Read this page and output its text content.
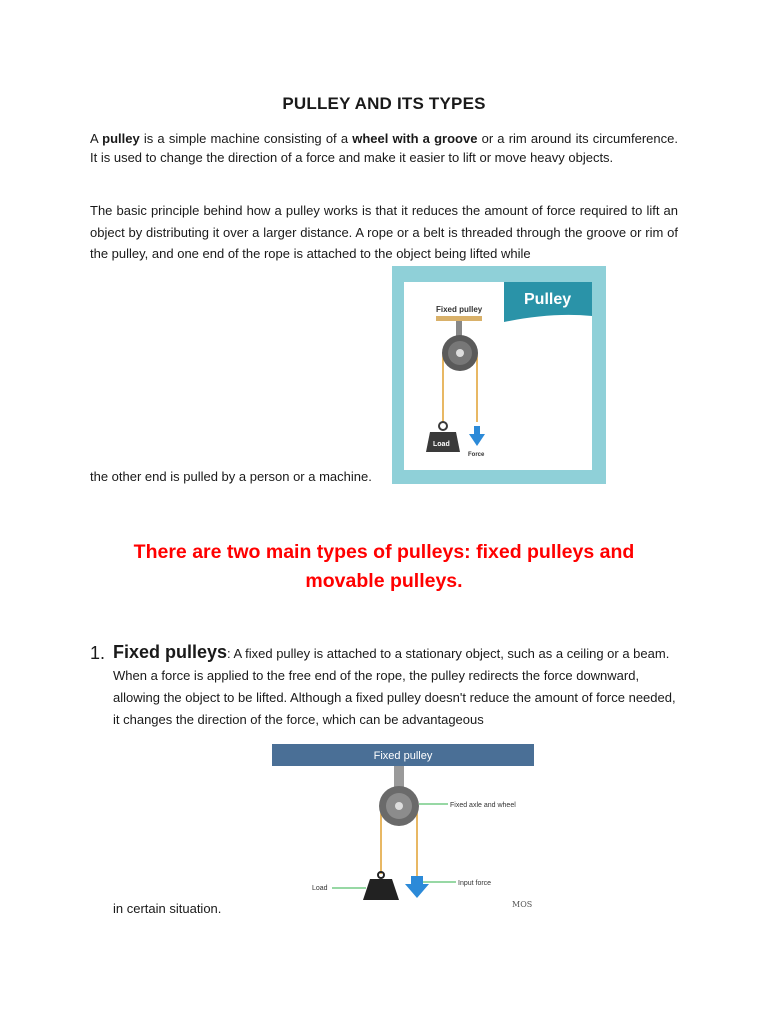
PULLEY AND ITS TYPES
A pulley is a simple machine consisting of a wheel with a groove or a rim around its circumference. It is used to change the direction of a force and make it easier to lift or move heavy objects.
The basic principle behind how a pulley works is that it reduces the amount of force required to lift an object by distributing it over a larger distance. A rope or a belt is threaded through the groove or rim of the pulley, and one end of the rope is attached to the object being lifted while
Pulley
Fixed pulley
Load
Force
the other end is pulled by a person or a machine.
There are two main types of pulleys: fixed pulleys and
movable pulleys.
1. Fixed pulleys: A fixed pulley is attached to a stationary object, such as a ceiling or a beam. When a force is applied to the free end of the rope, the pulley redirects the force downward, allowing the object to be lifted. Although a fixed pulley doesn't reduce the amount of force needed, it changes the direction of the force, which can be advantageous
Fixed pulley
Fixed axle and wheel
Load
Input force
in certain situation.	MOS
